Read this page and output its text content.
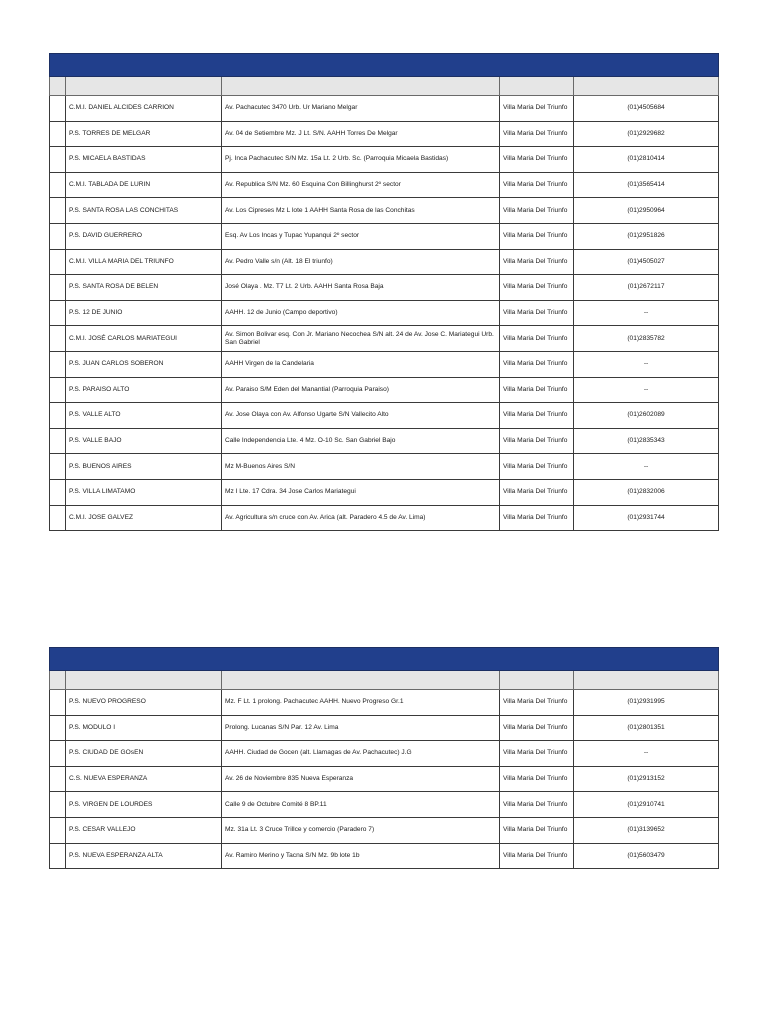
	C.M.I. DANIEL ALCIDES CARRION	Av. Pachacutec 3470 Urb. Ur Mariano Melgar	Villa Maria Del Triunfo	(01)4505684
	P.S. TORRES DE MELGAR	Av. 04 de Setiembre Mz. J Lt. S/N. AAHH Torres De Melgar	Villa Maria Del Triunfo	(01)2929682
	P.S. MICAELA BASTIDAS	Pj. Inca Pachacutec S/N Mz. 15a Lt. 2 Urb. Sc. (Parroquia Micaela Bastidas)	Villa Maria Del Triunfo	(01)2810414
	C.M.I. TABLADA DE LURIN	Av. Republica S/N Mz. 60 Esquina Con Billinghurst 2º sector	Villa Maria Del Triunfo	(01)3565414
	P.S. SANTA ROSA LAS CONCHITAS	Av. Los Cipreses Mz L lote 1 AAHH Santa Rosa de las Conchitas	Villa Maria Del Triunfo	(01)2950964
	P.S. DAVID GUERRERO	Esq. Av Los Incas y Tupac Yupanqui 2º sector	Villa Maria Del Triunfo	(01)2951826
	C.M.I. VILLA MARIA DEL TRIUNFO	Av. Pedro Valle s/n (Alt. 18 El triunfo)	Villa Maria Del Triunfo	(01)4505027
	P.S. SANTA ROSA DE BELEN	José Olaya . Mz. T7 Lt. 2 Urb. AAHH Santa Rosa Baja	Villa Maria Del Triunfo	(01)2672117
	P.S. 12 DE JUNIO	AAHH. 12 de Junio (Campo deportivo)	Villa Maria Del Triunfo	--
	C.M.I. JOSÉ CARLOS MARIATEGUI	Av. Simon Bolivar esq. Con Jr. Mariano Necochea S/N alt. 24 de Av. Jose C. Mariategui Urb. San Gabriel	Villa Maria Del Triunfo	(01)2835782
	P.S. JUAN CARLOS SOBERON	AAHH Virgen de la Candelaria	Villa Maria Del Triunfo	--
	P.S. PARAISO ALTO	Av. Paraiso S/M Eden del Manantial (Parroquia Paraiso)	Villa Maria Del Triunfo	--
	P.S. VALLE ALTO	Av. Jose Olaya con Av. Alfonso Ugarte S/N Vallecito Alto	Villa Maria Del Triunfo	(01)2602089
	P.S. VALLE BAJO	Calle Independencia Lte. 4 Mz. O-10 Sc. San Gabriel Bajo	Villa Maria Del Triunfo	(01)2835343
	P.S. BUENOS AIRES	Mz M-Buenos Aires S/N	Villa Maria Del Triunfo	--
	P.S. VILLA LIMATAMO	Mz I Lte. 17 Cdra. 34 Jose Carlos Mariategui	Villa Maria Del Triunfo	(01)2832006
	C.M.I. JOSE GALVEZ	Av. Agricultura s/n cruce con Av. Arica (alt. Paradero 4.5 de Av. Lima)	Villa Maria Del Triunfo	(01)2931744

	P.S. NUEVO PROGRESO	Mz. F Lt. 1 prolong. Pachacutec AAHH. Nuevo Progreso Gr.1	Villa Maria Del Triunfo	(01)2931995
	P.S. MODULO I	Prolong. Lucanas S/N Par. 12 Av. Lima	Villa Maria Del Triunfo	(01)2801351
	P.S. CIUDAD DE GOsEN	AAHH. Ciudad de Gocen (alt. Llamagas de Av. Pachacutec) J.G	Villa Maria Del Triunfo	--
	C.S. NUEVA ESPERANZA	Av. 26 de Noviembre 835 Nueva Esperanza	Villa Maria Del Triunfo	(01)2913152
	P.S. VIRGEN DE LOURDES	Calle 9 de Octubre Comité 8 BP.11	Villa Maria Del Triunfo	(01)2910741
	P.S. CESAR VALLEJO	Mz. 31a Lt. 3 Cruce Trillce y comercio (Paradero 7)	Villa Maria Del Triunfo	(01)3139652
	P.S. NUEVA ESPERANZA ALTA	Av. Ramiro Merino y Tacna S/N Mz. 9b lote 1b	Villa Maria Del Triunfo	(01)5603479
